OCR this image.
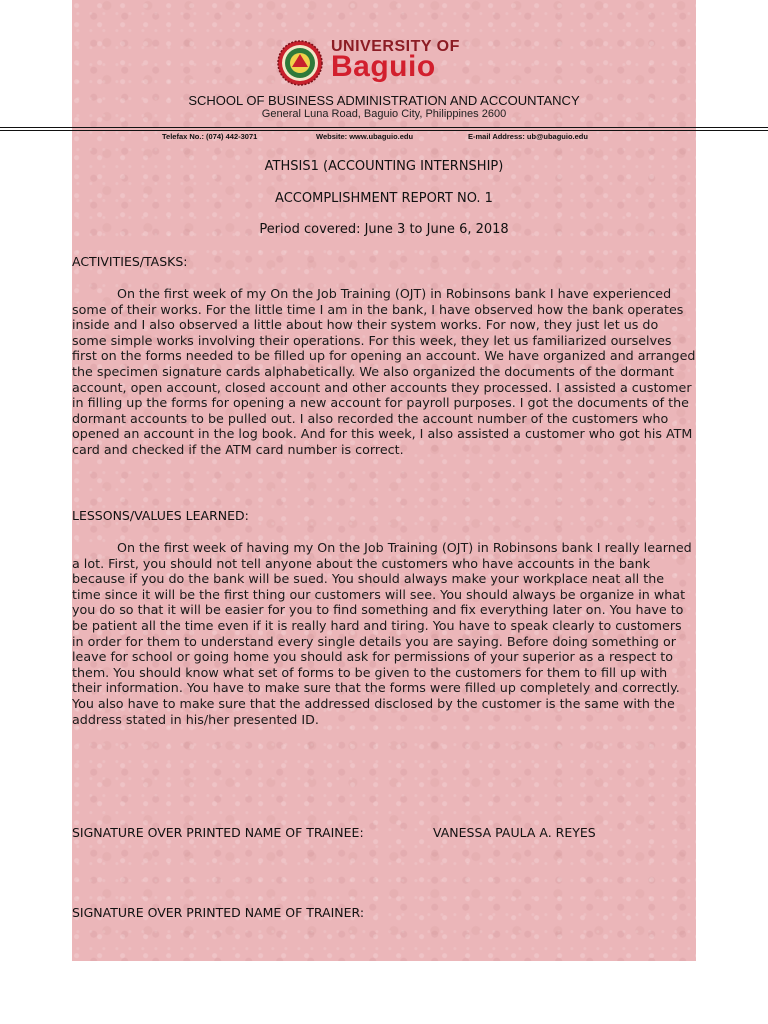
UNIVERSITY OF
Baguio
SCHOOL OF BUSINESS ADMINISTRATION AND ACCOUNTANCY
General Luna Road, Baguio City, Philippines 2600
Telefax No.: (074) 442-3071	Website: www.ubaguio.edu	E-mail Address: ub@ubaguio.edu
ATHSIS1 (ACCOUNTING INTERNSHIP)
ACCOMPLISHMENT REPORT NO. 1
Period covered: June 3 to June 6, 2018
ACTIVITIES/TASKS:

On the first week of my On the Job Training (OJT) in Robinsons bank I have experienced some of their works. For the little time I am in the bank, I have observed how the bank operates inside and I also observed a little about how their system works. For now, they just let us do some simple works involving their operations. For this week, they let us familiarized ourselves first on the forms needed to be filled up for opening an account. We have organized and arranged the specimen signature cards alphabetically. We also organized the documents of the dormant account, open account, closed account and other accounts they processed. I assisted a customer in filling up the forms for opening a new account for payroll purposes. I got the documents of the dormant accounts to be pulled out. I also recorded the account number of the customers who opened an account in the log book. And for this week, I also assisted a customer who got his ATM card and checked if the ATM card number is correct.

LESSONS/VALUES LEARNED:

On the first week of having my On the Job Training (OJT) in Robinsons bank I really learned a lot. First, you should not tell anyone about the customers who have accounts in the bank because if you do the bank will be sued. You should always make your workplace neat all the time since it will be the first thing our customers will see. You should always be organize in what you do so that it will be easier for you to find something and fix everything later on. You have to be patient all the time even if it is really hard and tiring. You have to speak clearly to customers in order for them to understand every single details you are saying. Before doing something or leave for school or going home you should ask for permissions of your superior as a respect to them. You should know what set of forms to be given to the customers for them to fill up with their information. You have to make sure that the forms were filled up completely and correctly. You also have to make sure that the addressed disclosed by the customer is the same with the address stated in his/her presented ID.

SIGNATURE OVER PRINTED NAME OF TRAINEE:	VANESSA PAULA A. REYES
SIGNATURE OVER PRINTED NAME OF TRAINER:
